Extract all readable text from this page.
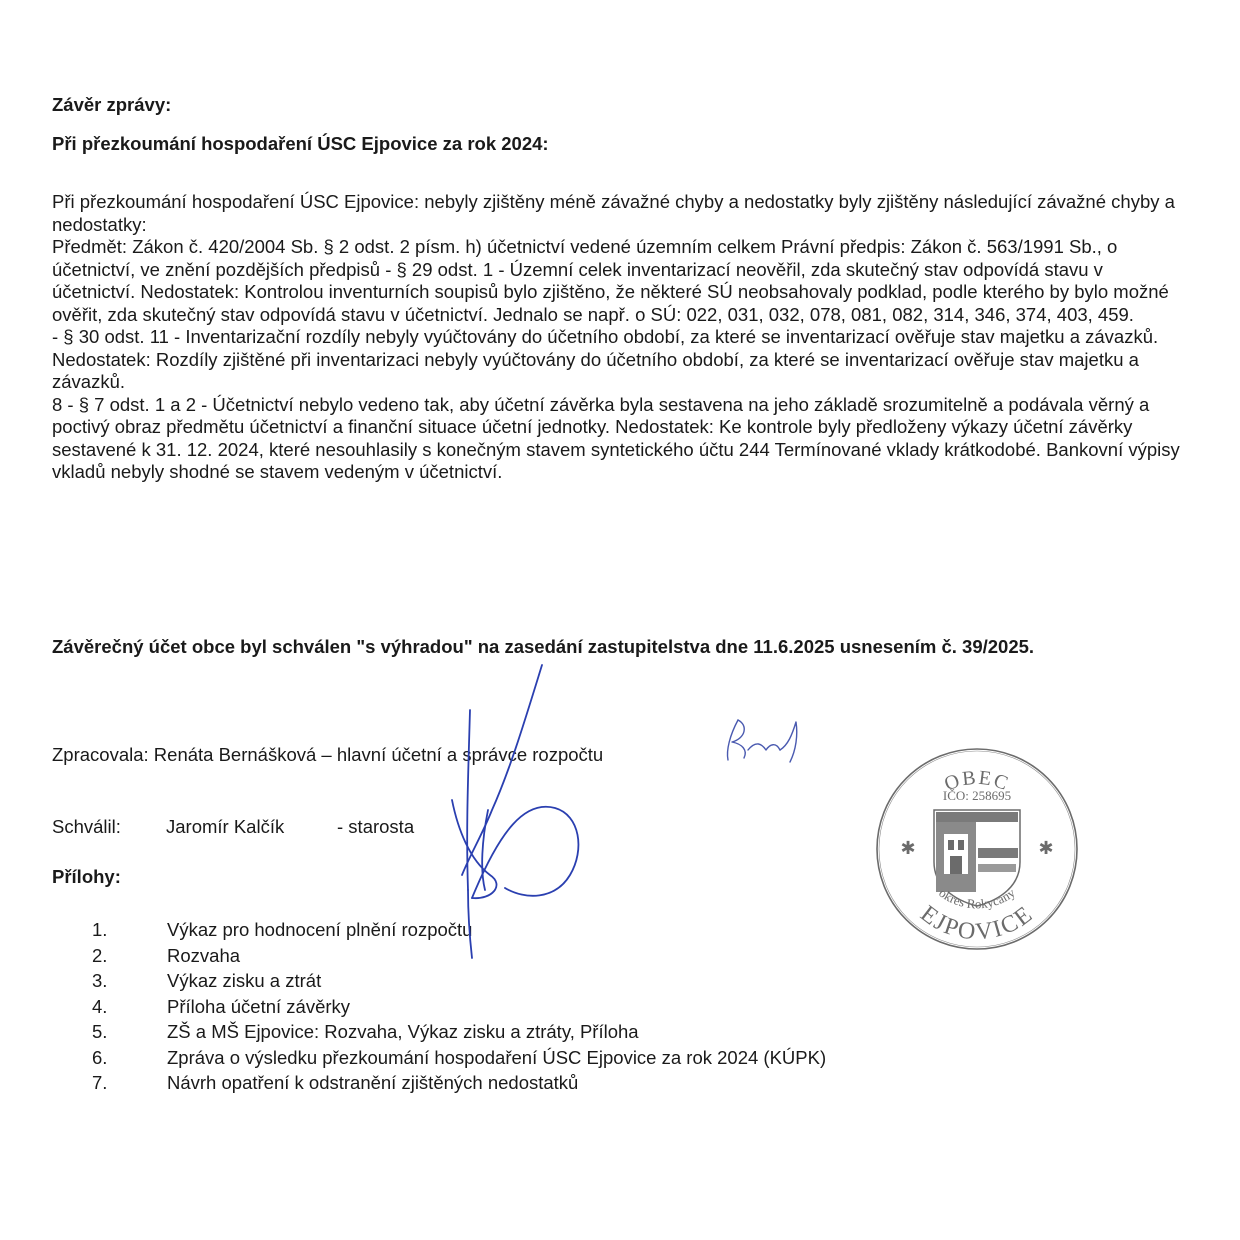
Závěr zprávy:
Při přezkoumání hospodaření ÚSC Ejpovice za rok 2024:

Při přezkoumání hospodaření ÚSC Ejpovice: nebyly zjištěny méně závažné chyby a nedostatky byly zjištěny následující závažné chyby a nedostatky:

Předmět: Zákon č. 420/2004 Sb. § 2 odst. 2 písm. h) účetnictví vedené územním celkem Právní předpis: Zákon č. 563/1991 Sb., o účetnictví, ve znění pozdějších předpisů - § 29 odst. 1 - Územní celek inventarizací neověřil, zda skutečný stav odpovídá stavu v účetnictví. Nedostatek: Kontrolou inventurních soupisů bylo zjištěno, že některé SÚ neobsahovaly podklad, podle kterého by bylo možné ověřit, zda skutečný stav odpovídá stavu v účetnictví. Jednalo se např. o SÚ: 022, 031, 032, 078, 081, 082, 314, 346, 374, 403, 459.

- § 30 odst. 11 - Inventarizační rozdíly nebyly vyúčtovány do účetního období, za které se inventarizací ověřuje stav majetku a závazků. Nedostatek: Rozdíly zjištěné při inventarizaci nebyly vyúčtovány do účetního období, za které se inventarizací ověřuje stav majetku a závazků.

8 - § 7 odst. 1 a 2 - Účetnictví nebylo vedeno tak, aby účetní závěrka byla sestavena na jeho základě srozumitelně a podávala věrný a poctivý obraz předmětu účetnictví a finanční situace účetní jednotky. Nedostatek: Ke kontrole byly předloženy výkazy účetní závěrky sestavené k 31. 12. 2024, které nesouhlasily s konečným stavem syntetického účtu 244 Termínované vklady krátkodobé. Bankovní výpisy vkladů nebyly shodné se stavem vedeným v účetnictví.

Závěrečný účet obce byl schválen "s výhradou" na zasedání zastupitelstva dne 11.6.2025 usnesením č. 39/2025.
Zpracovala: Renáta Bernášková – hlavní účetní a správce rozpočtu
Schválil: Jaromír Kalčík	- starosta
Přílohy:
1.	Výkaz pro hodnocení plnění rozpočtu
2.	Rozvaha
3.	Výkaz zisku a ztrát
4.	Příloha účetní závěrky
5.	ZŠ a MŠ Ejpovice: Rozvaha, Výkaz zisku a ztráty, Příloha
6.	Zpráva o výsledku přezkoumání hospodaření ÚSC Ejpovice za rok 2024 (KÚPK)
7.	Návrh opatření k odstranění zjištěných nedostatků
OBEC
IČO: 258695
✱	✱
okres Rokycany
EJPOVICE
